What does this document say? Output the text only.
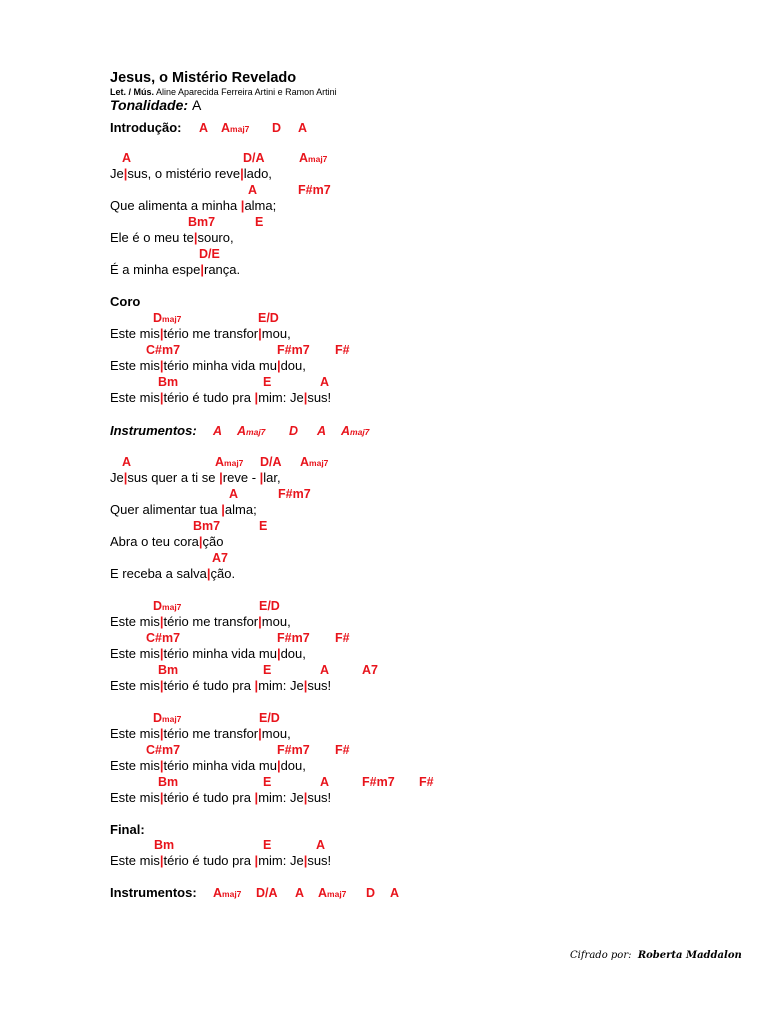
Jesus, o Mistério Revelado
Let. / Mús. Aline Aparecida Ferreira Artini e Ramon Artini
Tonalidade: A
Introdução: A Amaj7 D A
A	D/A	Amaj7
Je|sus, o mistério reve|lado,
A	F#m7
Que alimenta a minha |alma;
Bm7	E
Ele é o meu te|souro,
D/E
É a minha espe|rança.
Coro
Dmaj7	E/D
Este mis|tério me transfor|mou,
C#m7	F#m7 F#
Este mis|tério minha vida mu|dou,
Bm	E	A
Este mis|tério é tudo pra |mim: Je|sus!
Instrumentos: A Amaj7 D A Amaj7
A	Amaj7 D/A Amaj7
Je|sus quer a ti se |reve - |lar,
A	F#m7
Quer alimentar tua |alma;
Bm7	E
Abra o teu cora|ção
A7
E receba a salva|ção.
Dmaj7	E/D
Este mis|tério me transfor|mou,
C#m7	F#m7 F#
Este mis|tério minha vida mu|dou,
Bm	E	A	A7
Este mis|tério é tudo pra |mim: Je|sus!
Dmaj7	E/D
Este mis|tério me transfor|mou,
C#m7	F#m7 F#
Este mis|tério minha vida mu|dou,
Bm	E	A	F#m7 F#
Este mis|tério é tudo pra |mim: Je|sus!
Final:
Bm	E	A
Este mis|tério é tudo pra |mim: Je|sus!
Instrumentos: Amaj7 D/A A Amaj7 D A
Cifrado por: Roberta Maddalon
